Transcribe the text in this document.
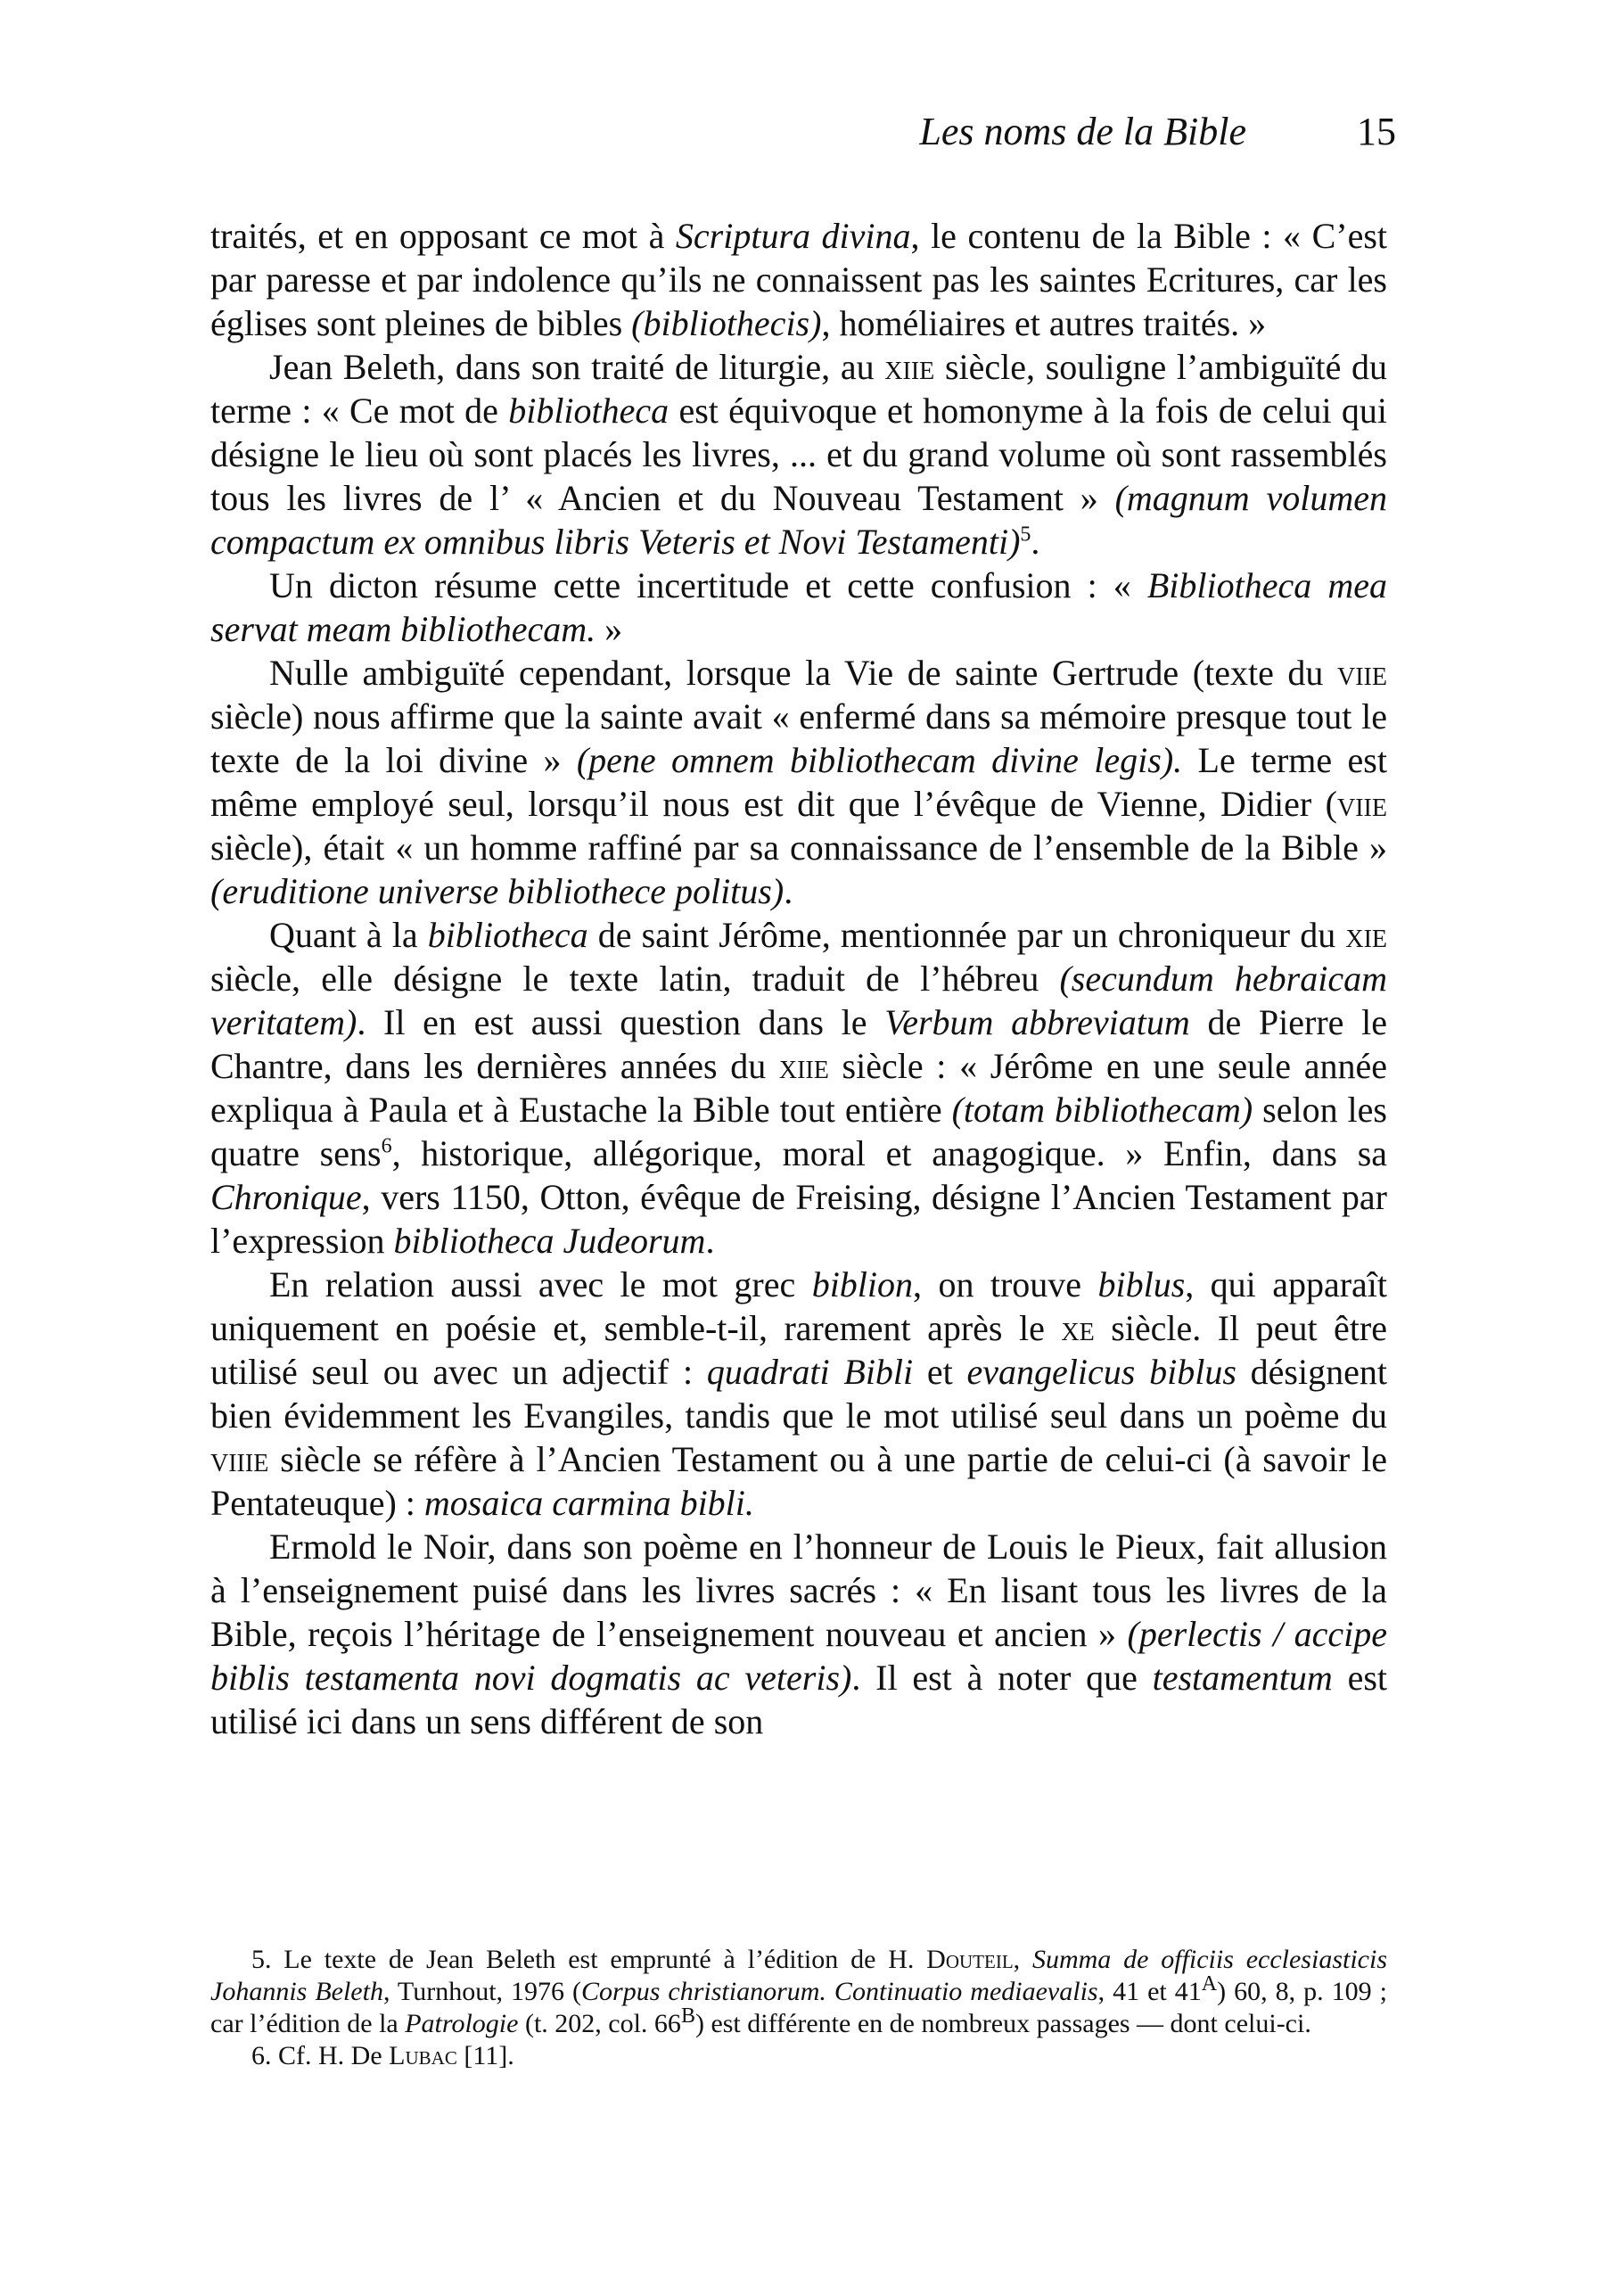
Les noms de la Bible	15

traités, et en opposant ce mot à Scriptura divina, le contenu de la Bible : « C’est par paresse et par indolence qu’ils ne connaissent pas les saintes Ecritures, car les églises sont pleines de bibles (bibliothecis), homéliaires et autres traités. »

Jean Beleth, dans son traité de liturgie, au xiie siècle, souligne l’ambiguïté du terme : « Ce mot de bibliotheca est équivoque et homonyme à la fois de celui qui désigne le lieu où sont placés les livres, ... et du grand volume où sont rassemblés tous les livres de l’ « Ancien et du Nouveau Testament » (magnum volumen compactum ex omnibus libris Veteris et Novi Testamenti)$^5$.

Un dicton résume cette incertitude et cette confusion : « Bibliotheca mea servat meam bibliothecam. »

Nulle ambiguïté cependant, lorsque la Vie de sainte Gertrude (texte du viie siècle) nous affirme que la sainte avait « enfermé dans sa mémoire presque tout le texte de la loi divine » (pene omnem bibliothecam divine legis). Le terme est même employé seul, lorsqu’il nous est dit que l’évêque de Vienne, Didier (viie siècle), était « un homme raffiné par sa connaissance de l’ensemble de la Bible » (eruditione universe bibliothece politus).

Quant à la bibliotheca de saint Jérôme, mentionnée par un chroniqueur du xie siècle, elle désigne le texte latin, traduit de l’hébreu (secundum hebraicam veritatem). Il en est aussi question dans le Verbum abbreviatum de Pierre le Chantre, dans les dernières années du xiie siècle : « Jérôme en une seule année expliqua à Paula et à Eustache la Bible tout entière (totam bibliothecam) selon les quatre sens$^6$, historique, allégorique, moral et anagogique. » Enfin, dans sa Chronique, vers 1150, Otton, évêque de Freising, désigne l’Ancien Testament par l’expression bibliotheca Judeorum.

En relation aussi avec le mot grec biblion, on trouve biblus, qui apparaît uniquement en poésie et, semble-t-il, rarement après le xe siècle. Il peut être utilisé seul ou avec un adjectif : quadrati Bibli et evangelicus biblus désignent bien évidemment les Evangiles, tandis que le mot utilisé seul dans un poème du viiie siècle se réfère à l’Ancien Testament ou à une partie de celui-ci (à savoir le Pentateuque) : mosaica carmina bibli.

Ermold le Noir, dans son poème en l’honneur de Louis le Pieux, fait allusion à l’enseignement puisé dans les livres sacrés : « En lisant tous les livres de la Bible, reçois l’héritage de l’enseignement nouveau et ancien » (perlectis / accipe biblis testamenta novi dogmatis ac veteris). Il est à noter que testamentum est utilisé ici dans un sens différent de son

5. Le texte de Jean Beleth est emprunté à l’édition de H. Douteil, Summa de officiis ecclesiasticis Johannis Beleth, Turnhout, 1976 (Corpus christianorum. Continuatio mediaevalis, 41 et $41^A$) 60, 8, p. 109 ; car l’édition de la Patrologie (t. 202, col. $66^B$) est différente en de nombreux passages — dont celui-ci.

6. Cf. H. De Lubac [11].
